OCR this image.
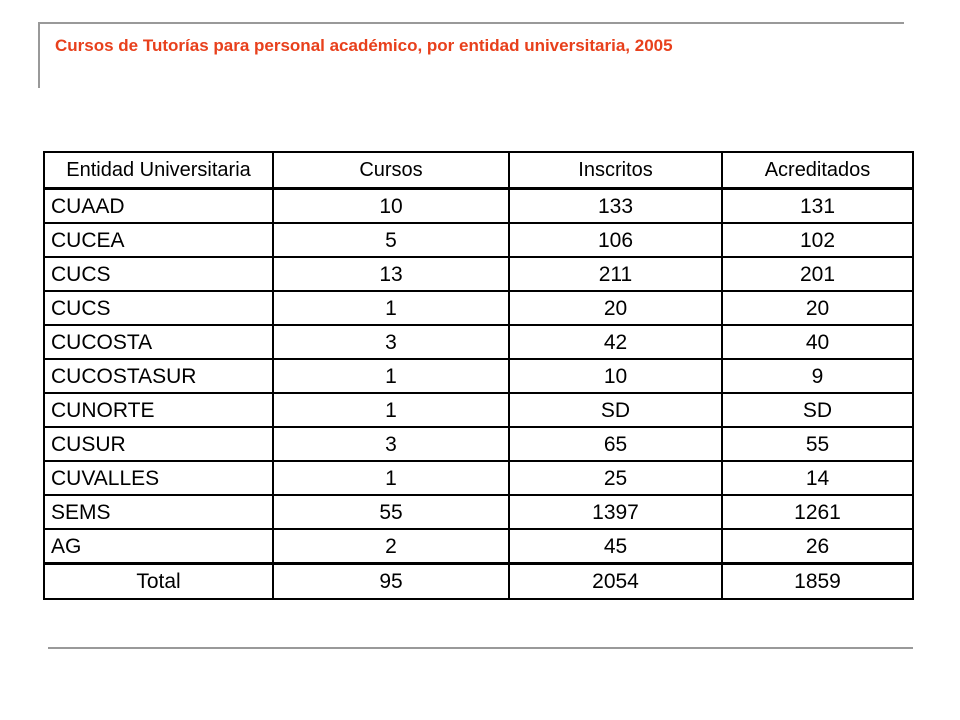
Cursos de Tutorías para personal académico, por entidad universitaria, 2005
Entidad Universitaria	Cursos	Inscritos	Acreditados
CUAAD	10	133	131
CUCEA	5	106	102
CUCS	13	211	201
CUCS	1	20	20
CUCOSTA	3	42	40
CUCOSTASUR	1	10	9
CUNORTE	1	SD	SD
CUSUR	3	65	55
CUVALLES	1	25	14
SEMS	55	1397	1261
AG	2	45	26
Total	95	2054	1859
